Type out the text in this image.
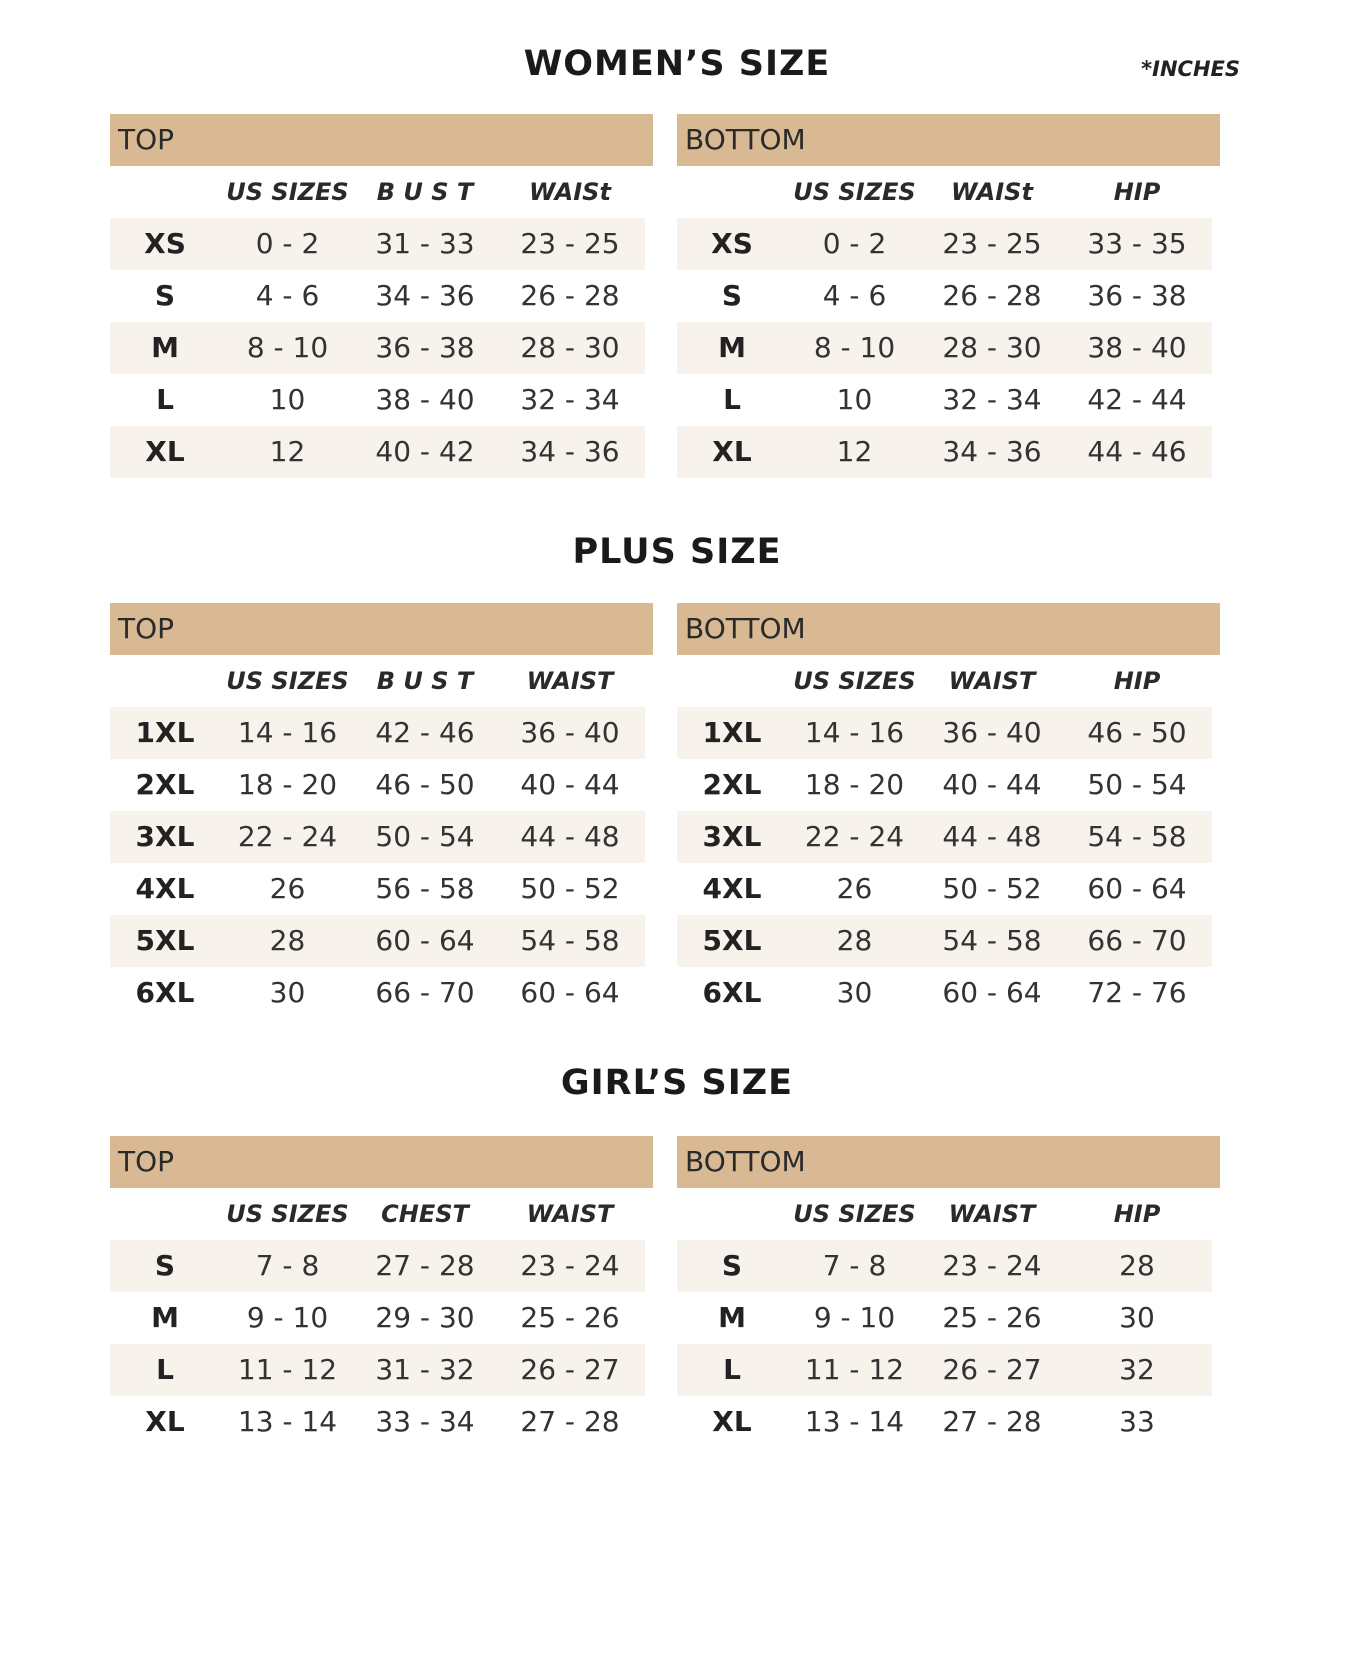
*INCHES
WOMEN’S SIZE
TOP
US SIZES	B U S T	WAISt
XS	0 - 2	31 - 33	23 - 25
S	4 - 6	34 - 36	26 - 28
M	8 - 10	36 - 38	28 - 30
L	10	38 - 40	32 - 34
XL	12	40 - 42	34 - 36
BOTTOM
US SIZES	WAISt	HIP
XS	0 - 2	23 - 25	33 - 35
S	4 - 6	26 - 28	36 - 38
M	8 - 10	28 - 30	38 - 40
L	10	32 - 34	42 - 44
XL	12	34 - 36	44 - 46
PLUS SIZE
TOP
US SIZES	B U S T	WAIST
1XL	14 - 16	42 - 46	36 - 40
2XL	18 - 20	46 - 50	40 - 44
3XL	22 - 24	50 - 54	44 - 48
4XL	26	56 - 58	50 - 52
5XL	28	60 - 64	54 - 58
6XL	30	66 - 70	60 - 64
BOTTOM
US SIZES	WAIST	HIP
1XL	14 - 16	36 - 40	46 - 50
2XL	18 - 20	40 - 44	50 - 54
3XL	22 - 24	44 - 48	54 - 58
4XL	26	50 - 52	60 - 64
5XL	28	54 - 58	66 - 70
6XL	30	60 - 64	72 - 76
GIRL’S SIZE
TOP
US SIZES	CHEST	WAIST
S	7 - 8	27 - 28	23 - 24
M	9 - 10	29 - 30	25 - 26
L	11 - 12	31 - 32	26 - 27
XL	13 - 14	33 - 34	27 - 28
BOTTOM
US SIZES	WAIST	HIP
S	7 - 8	23 - 24	28
M	9 - 10	25 - 26	30
L	11 - 12	26 - 27	32
XL	13 - 14	27 - 28	33
